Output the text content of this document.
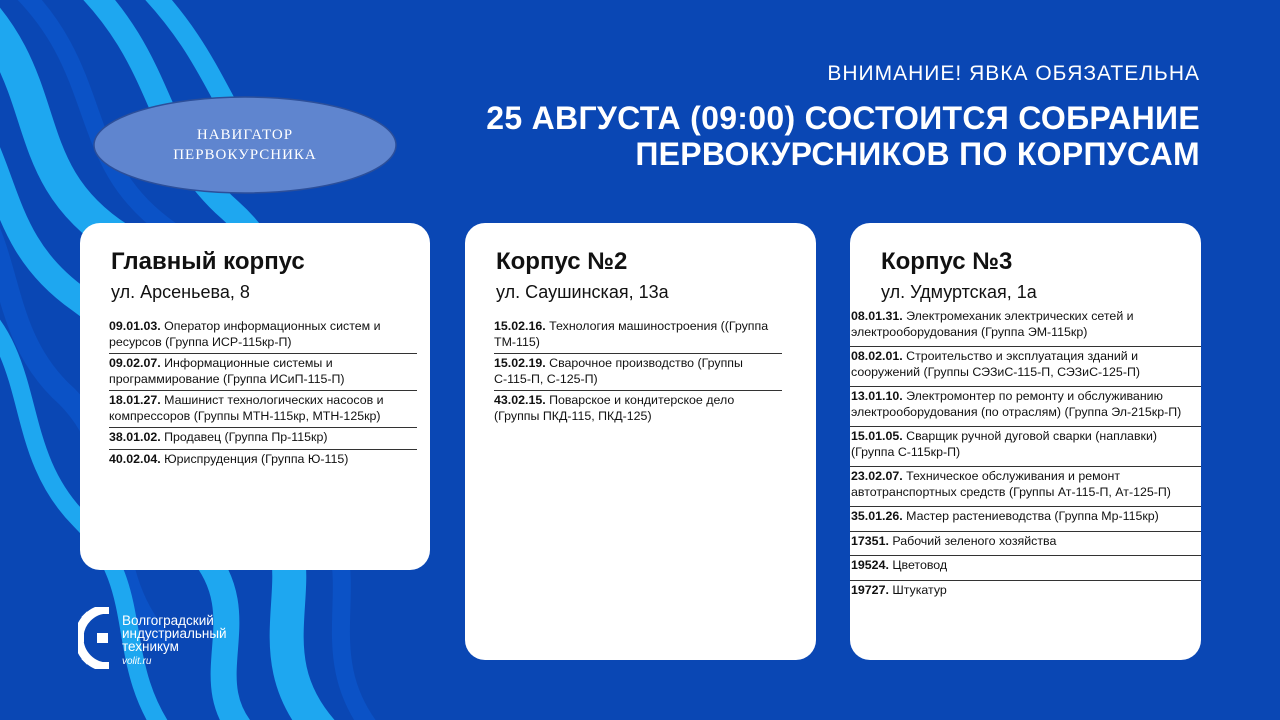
НАВИГАТОР
ПЕРВОКУРСНИКА
ВНИМАНИЕ! ЯВКА ОБЯЗАТЕЛЬНА
25 АВГУСТА (09:00) СОСТОИТСЯ СОБРАНИЕ
ПЕРВОКУРСНИКОВ ПО КОРПУСАМ
Главный корпус
ул. Арсеньева, 8
09.01.03. Оператор информационных систем и ресурсов (Группа ИСР-115кр-П)
09.02.07. Информационные системы и программирование (Группа ИСиП-115-П)
18.01.27. Машинист технологических насосов и компрессоров (Группы МТН-115кр, МТН-125кр)
38.01.02. Продавец (Группа Пр-115кр)
40.02.04. Юриспруденция (Группа Ю-115)
Корпус №2
ул. Саушинская, 13а
15.02.16. Технология машиностроения ((Группа ТМ-115)
15.02.19. Сварочное производство (Группы С-115-П, С-125-П)
43.02.15. Поварское и кондитерское дело (Группы ПКД-115, ПКД-125)
Корпус №3
ул. Удмуртская, 1а
08.01.31. Электромеханик электрических сетей и электрооборудования (Группа ЭМ-115кр)
08.02.01. Строительство и эксплуатация зданий и сооружений (Группы СЭЗиС-115-П, СЭЗиС-125-П)
13.01.10. Электромонтер по ремонту и обслуживанию электрооборудования (по отраслям) (Группа Эл-215кр-П)
15.01.05. Сварщик ручной дуговой сварки (наплавки) (Группа С-115кр-П)
23.02.07. Техническое обслуживания и ремонт автотранспортных средств (Группы Ат-115-П, Ат-125-П)
35.01.26. Мастер растениеводства (Группа Мр-115кр)
17351. Рабочий зеленого хозяйства
19524. Цветовод
19727. Штукатур
Волгоградский
индустриальный
техникум
volit.ru
